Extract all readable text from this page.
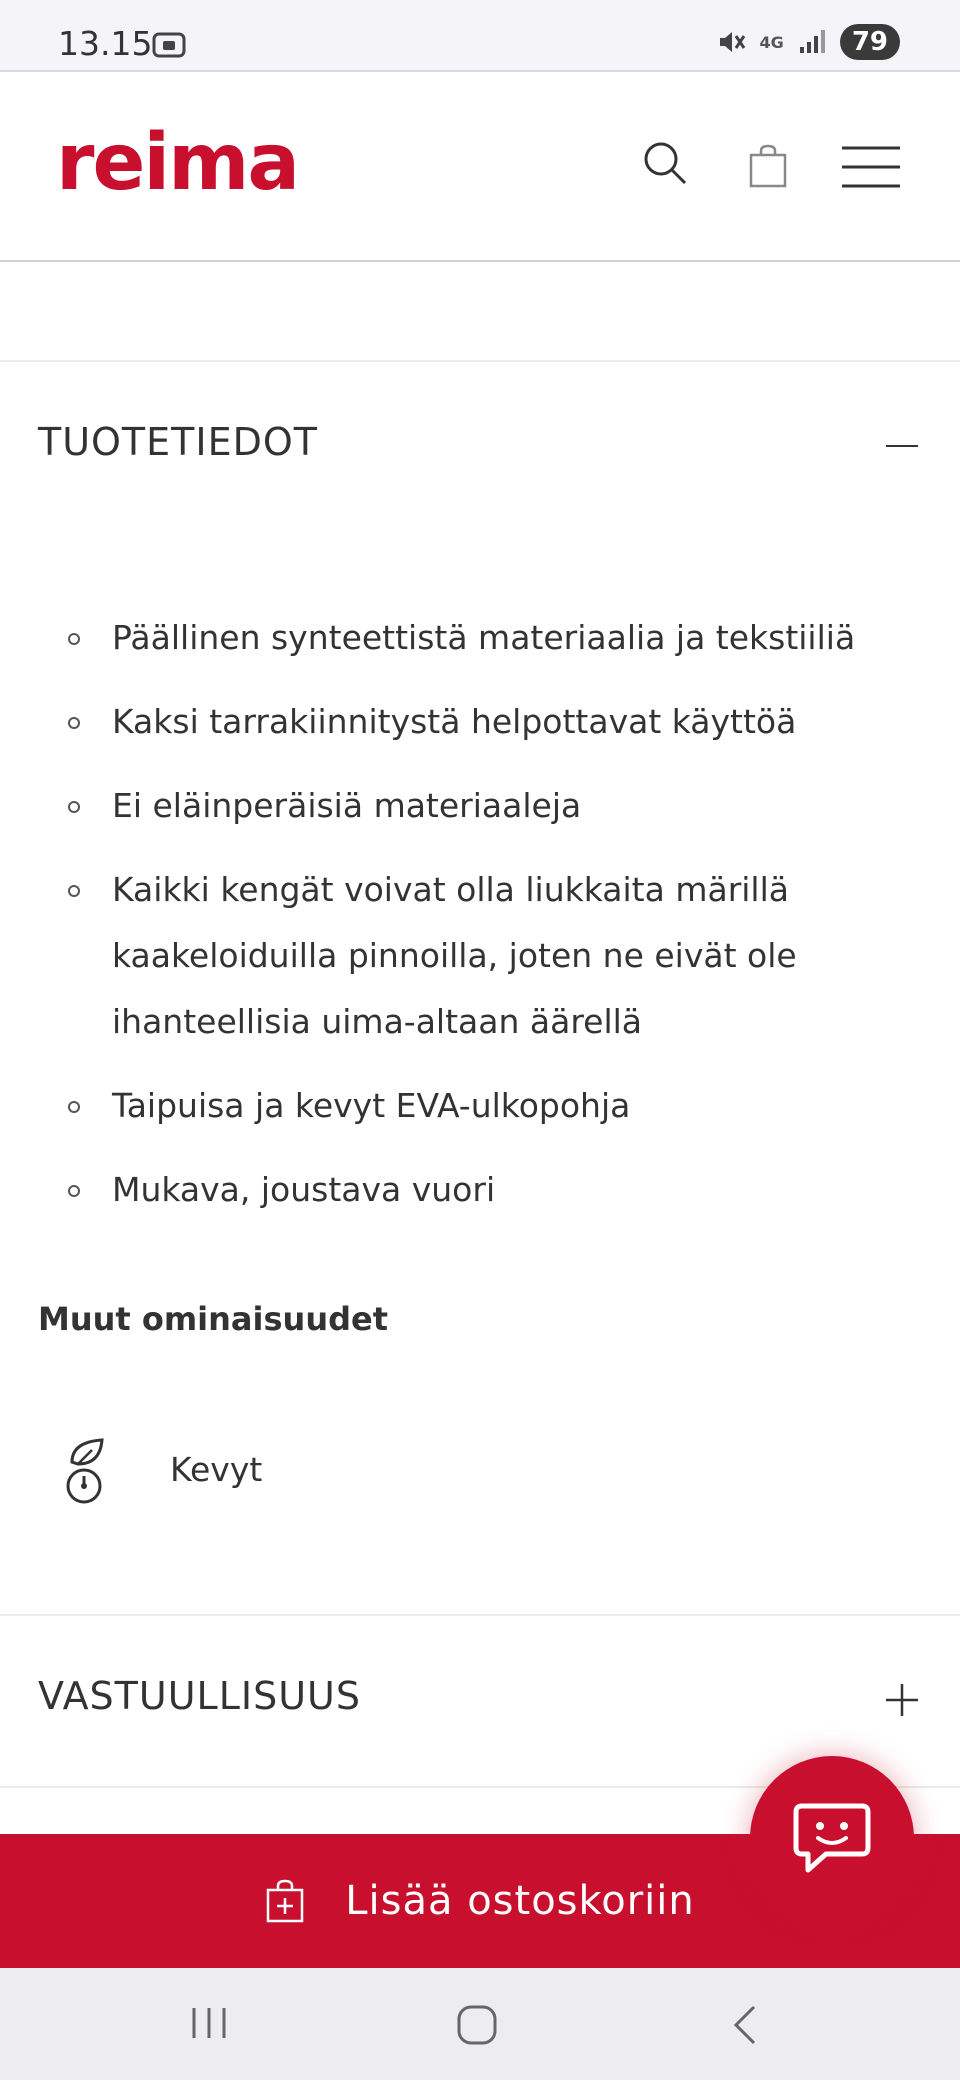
13.15	4G	79
reima
TUOTETIEDOT
Päällinen synteettistä materiaalia ja tekstiiliä
Kaksi tarrakiinnitystä helpottavat käyttöä
Ei eläinperäisiä materiaaleja
Kaikki kengät voivat olla liukkaita märillä kaakeloiduilla pinnoilla, joten ne eivät ole ihanteellisia uima-altaan äärellä
Taipuisa ja kevyt EVA-ulkopohja
Mukava, joustava vuori
Muut ominaisuudet
Kevyt
VASTUULLISUUS
Lisää ostoskoriin
